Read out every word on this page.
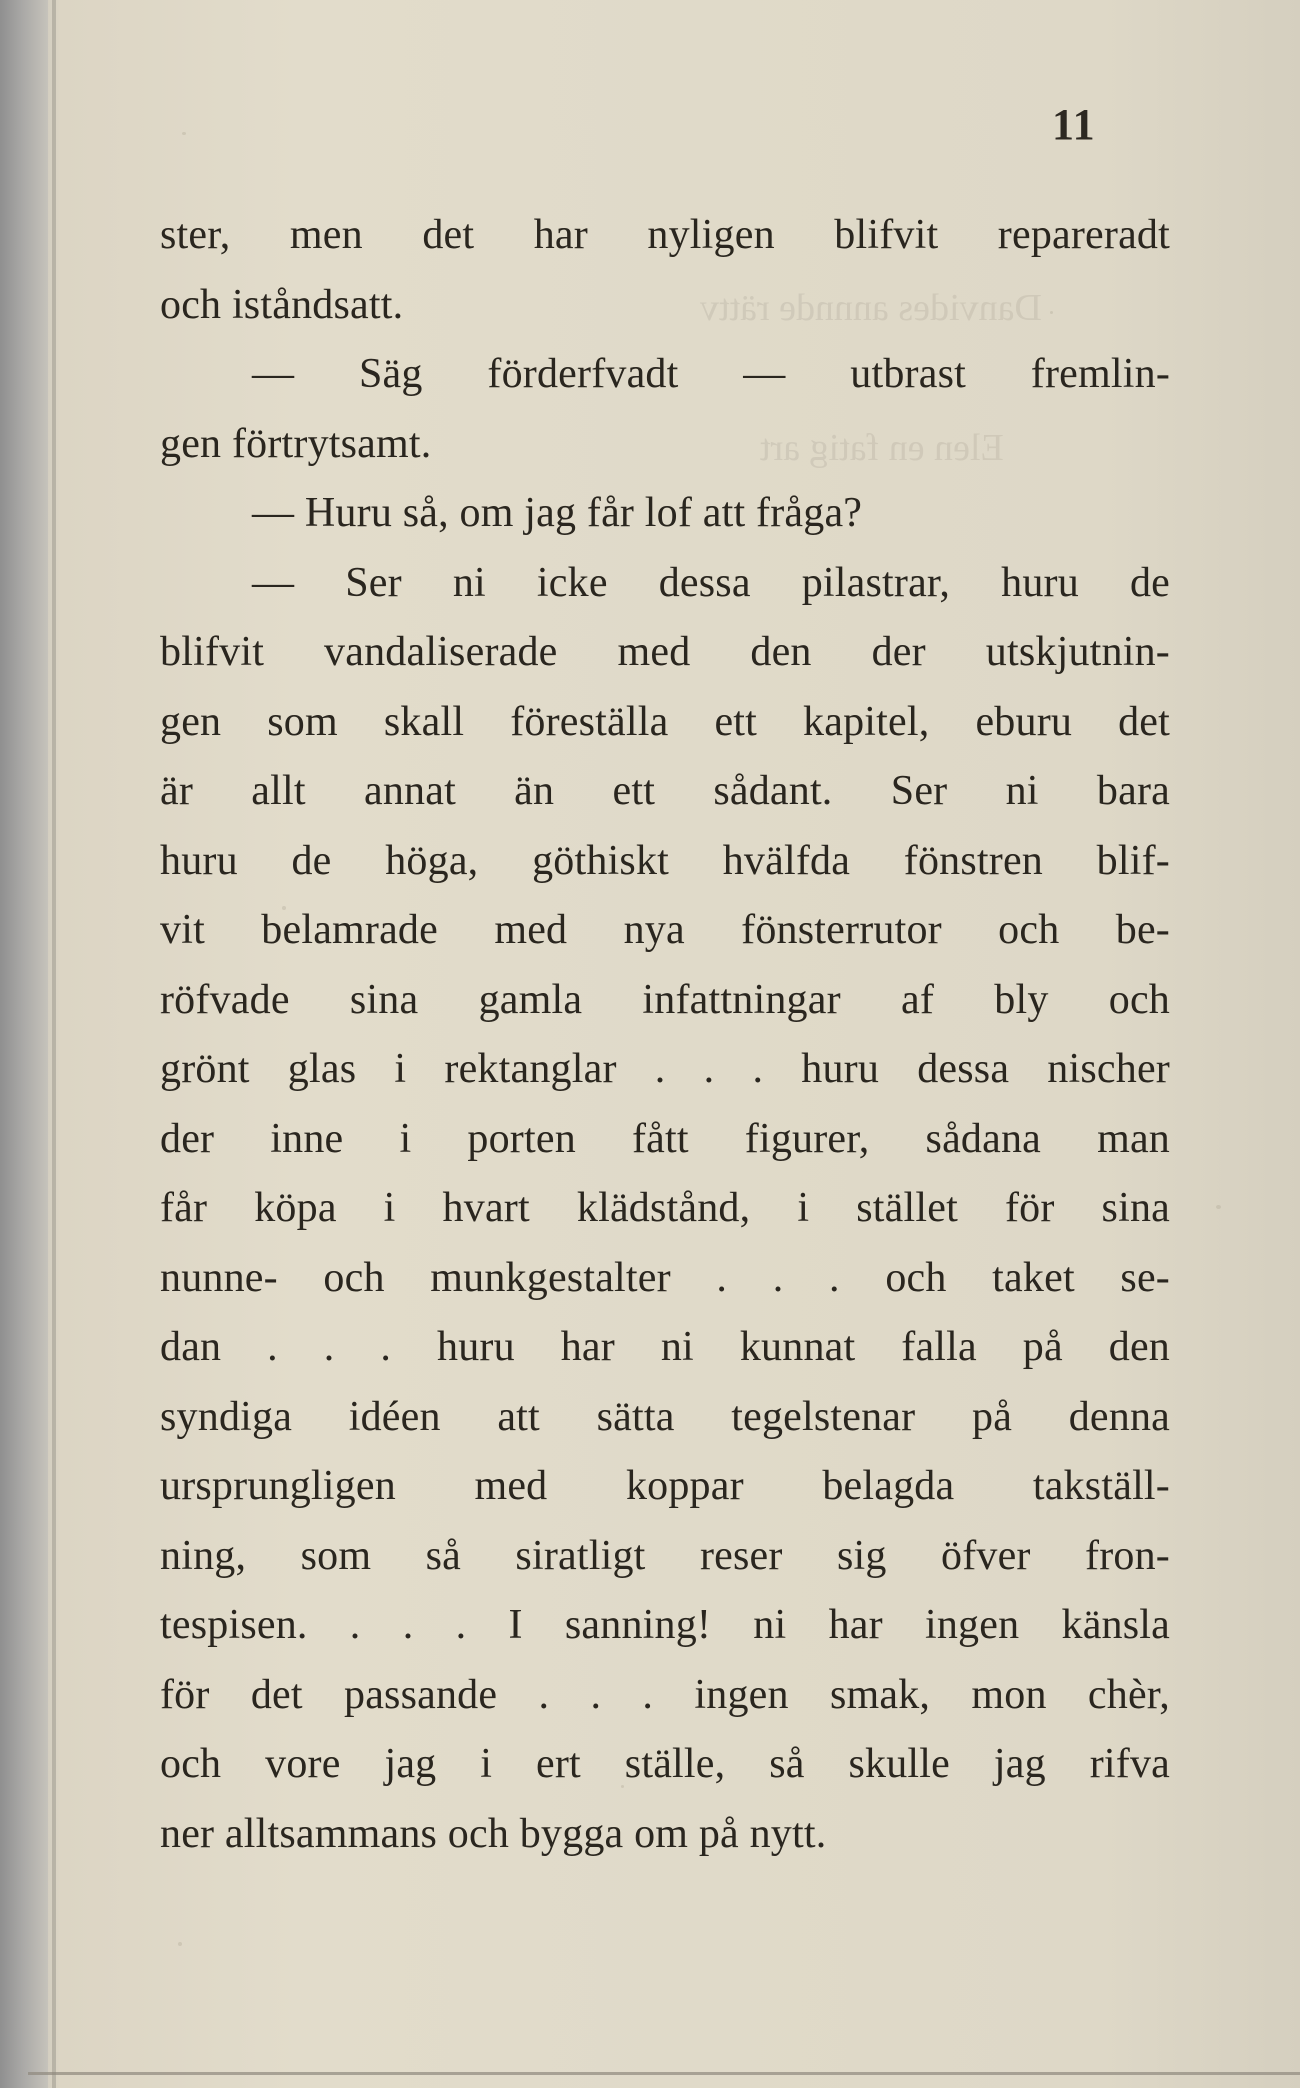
Danvides annnde rättv
Elen en fatig art
11
ster, men det har nyligen blifvit repareradt
och iståndsatt.
— Säg förderfvadt — utbrast fremlin-
gen förtrytsamt.
— Huru så, om jag får lof att fråga?
— Ser ni icke dessa pilastrar, huru de
blifvit vandaliserade med den der utskjutnin-
gen som skall föreställa ett kapitel, eburu det
är allt annat än ett sådant. Ser ni bara
huru de höga, göthiskt hvälfda fönstren blif-
vit belamrade med nya fönsterrutor och be-
röfvade sina gamla infattningar af bly och
grönt glas i rektanglar . . . huru dessa nischer
der inne i porten fått figurer, sådana man
får köpa i hvart klädstånd, i stället för sina
nunne- och munkgestalter . . . och taket se-
dan . . . huru har ni kunnat falla på den
syndiga idéen att sätta tegelstenar på denna
ursprungligen med koppar belagda takställ-
ning, som så siratligt reser sig öfver fron-
tespisen. . . . I sanning! ni har ingen känsla
för det passande . . . ingen smak, mon chèr,
och vore jag i ert ställe, så skulle jag rifva
ner alltsammans och bygga om på nytt.
